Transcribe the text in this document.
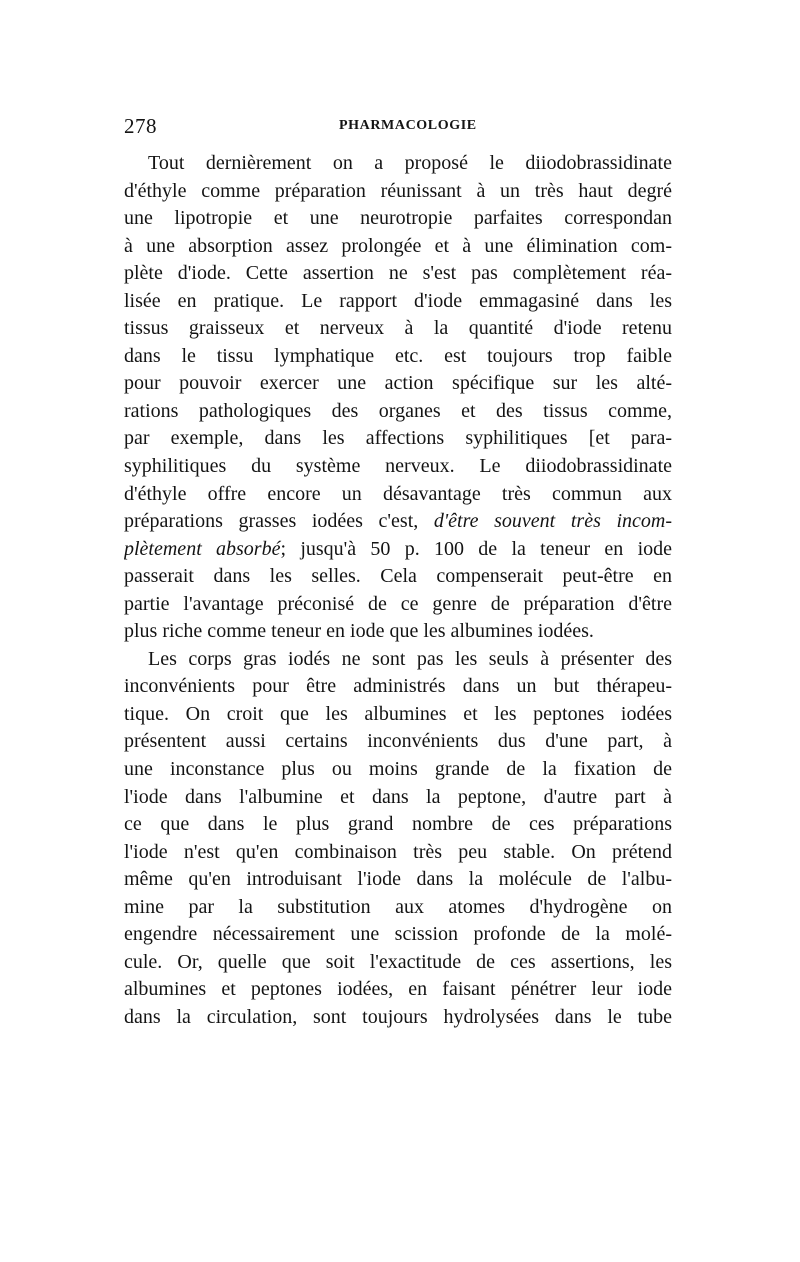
278	PHARMACOLOGIE
Tout dernièrement on a proposé le diiodobrassidinate
d'éthyle comme préparation réunissant à un très haut degré
une lipotropie et une neurotropie parfaites correspondan
à une absorption assez prolongée et à une élimination com-
plète d'iode. Cette assertion ne s'est pas complètement réa-
lisée en pratique. Le rapport d'iode emmagasiné dans les
tissus graisseux et nerveux à la quantité d'iode retenu
dans le tissu lymphatique etc. est toujours trop faible
pour pouvoir exercer une action spécifique sur les alté-
rations pathologiques des organes et des tissus comme,
par exemple, dans les affections syphilitiques [et para-
syphilitiques du système nerveux. Le diiodobrassidinate
d'éthyle offre encore un désavantage très commun aux
préparations grasses iodées c'est, d'être souvent très incom-
plètement absorbé; jusqu'à 50 p. 100 de la teneur en iode
passerait dans les selles. Cela compenserait peut-être en
partie l'avantage préconisé de ce genre de préparation d'être
plus riche comme teneur en iode que les albumines iodées.
Les corps gras iodés ne sont pas les seuls à présenter des
inconvénients pour être administrés dans un but thérapeu-
tique. On croit que les albumines et les peptones iodées
présentent aussi certains inconvénients dus d'une part, à
une inconstance plus ou moins grande de la fixation de
l'iode dans l'albumine et dans la peptone, d'autre part à
ce que dans le plus grand nombre de ces préparations
l'iode n'est qu'en combinaison très peu stable. On prétend
même qu'en introduisant l'iode dans la molécule de l'albu-
mine par la substitution aux atomes d'hydrogène on
engendre nécessairement une scission profonde de la molé-
cule. Or, quelle que soit l'exactitude de ces assertions, les
albumines et peptones iodées, en faisant pénétrer leur iode
dans la circulation, sont toujours hydrolysées dans le tube
